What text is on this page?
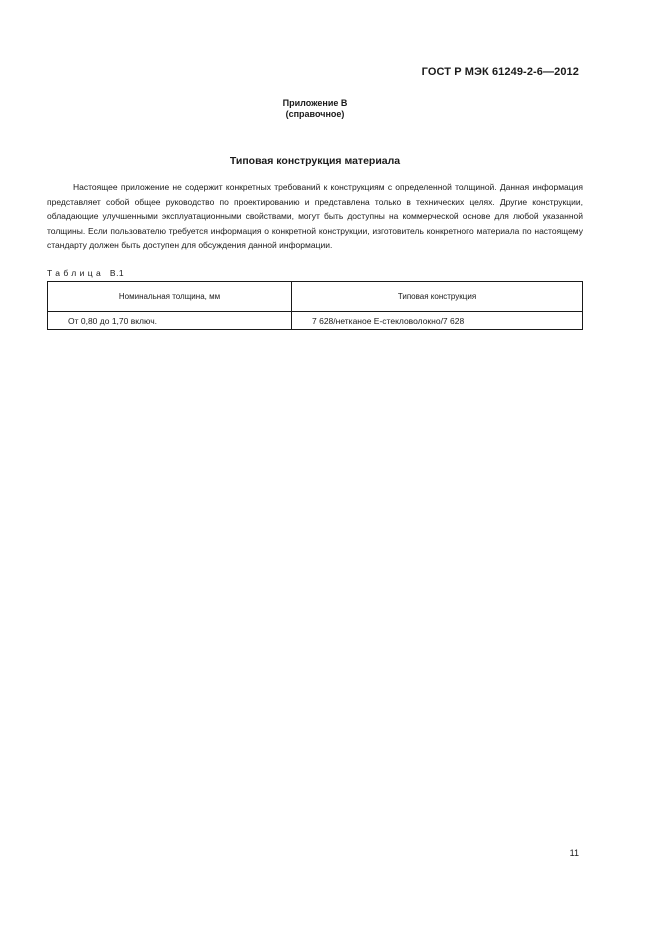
ГОСТ Р МЭК 61249-2-6—2012
Приложение В
(справочное)
Типовая конструкция материала

Настоящее приложение не содержит конкретных требований к конструкциям с определенной толщиной. Данная информация представляет собой общее руководство по проектированию и представлена только в технических целях. Другие конструкции, обладающие улучшенными эксплуатационными свойствами, могут быть доступны на коммерческой основе для любой указанной толщины. Если пользователю требуется информация о конкретной конструкции, изготовитель конкретного материала по настоящему стандарту должен быть доступен для обсуждения данной информации.

Таблица В.1
Номинальная толщина, мм	Типовая конструкция
От 0,80 до 1,70 включ.	7 628/нетканое Е-стекловолокно/7 628
11
